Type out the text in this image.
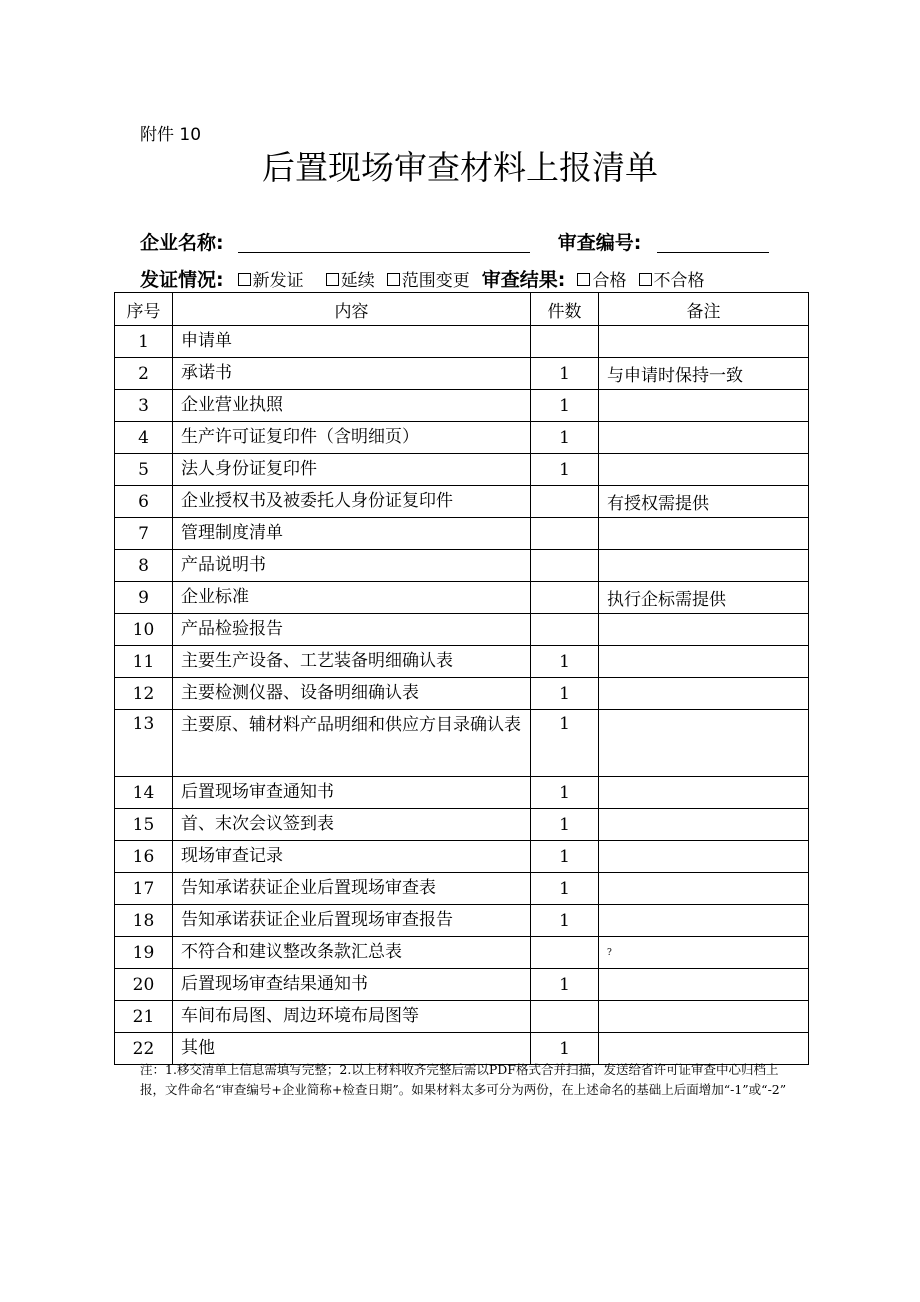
附件 10
后置现场审查材料上报清单
企业名称:	审查编号:
发证情况: 新发证 延续 范围变更 审查结果: 合格 不合格
序号	内容	件数	备注
1	申请单		
2	承诺书	1	与申请时保持一致
3	企业营业执照	1	
4	生产许可证复印件（含明细页）	1	
5	法人身份证复印件	1	
6	企业授权书及被委托人身份证复印件		有授权需提供
7	管理制度清单		
8	产品说明书		
9	企业标准		执行企标需提供
10	产品检验报告		
11	主要生产设备、工艺装备明细确认表	1	
12	主要检测仪器、设备明细确认表	1	
13	主要原、辅材料产品明细和供应方目录确认表	1	
14	后置现场审查通知书	1	
15	首、末次会议签到表	1	
16	现场审查记录	1	
17	告知承诺获证企业后置现场审查表	1	
18	告知承诺获证企业后置现场审查报告	1	
19	不符合和建议整改条款汇总表		?
20	后置现场审查结果通知书	1	
21	车间布局图、周边环境布局图等		
22	其他	1	
注：1.移交清单上信息需填写完整；2.以上材料收齐完整后需以PDF格式合并扫描，发送给省许可证审查中心归档上报，文件命名“审查编号+企业简称+检查日期”。如果材料太多可分为两份，在上述命名的基础上后面增加“-1”或“-2”
